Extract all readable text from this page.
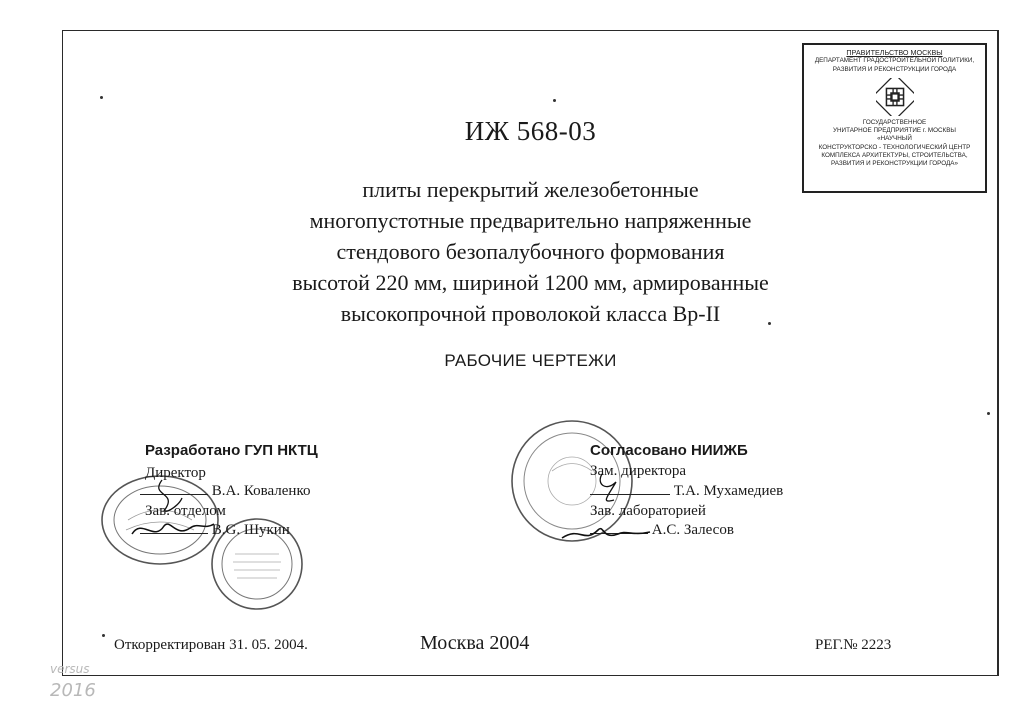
ИЖ 568-03
плиты перекрытий железобетонные
многопустотные предварительно напряженные
стендового безопалубочного формования
высотой 220 мм, шириной 1200 мм, армированные
высокопрочной проволокой класса Вр-II
РАБОЧИЕ ЧЕРТЕЖИ
ПРАВИТЕЛЬСТВО МОСКВЫ
ДЕПАРТАМЕНТ ГРАДОСТРОИТЕЛЬНОЙ ПОЛИТИКИ,
РАЗВИТИЯ И РЕКОНСТРУКЦИИ ГОРОДА
ГОСУДАРСТВЕННОЕ
УНИТАРНОЕ ПРЕДПРИЯТИЕ г. МОСКВЫ
«НАУЧНЫЙ
КОНСТРУКТОРСКО - ТЕХНОЛОГИЧЕСКИЙ ЦЕНТР
КОМПЛЕКСА АРХИТЕКТУРЫ, СТРОИТЕЛЬСТВА,
РАЗВИТИЯ И РЕКОНСТРУКЦИИ ГОРОДА»
Разработано ГУП НКТЦ
Директор
В.А. Коваленко
Зав. отделом
В.G. Шукин
Согласовано НИИЖБ
Зам. директора
Т.А. Мухамедиев
Зав. лабораторией
А.С. Залесов
Откорректирован 31. 05. 2004.	Москва 2004	РЕГ.№ 2223
versus
2016
